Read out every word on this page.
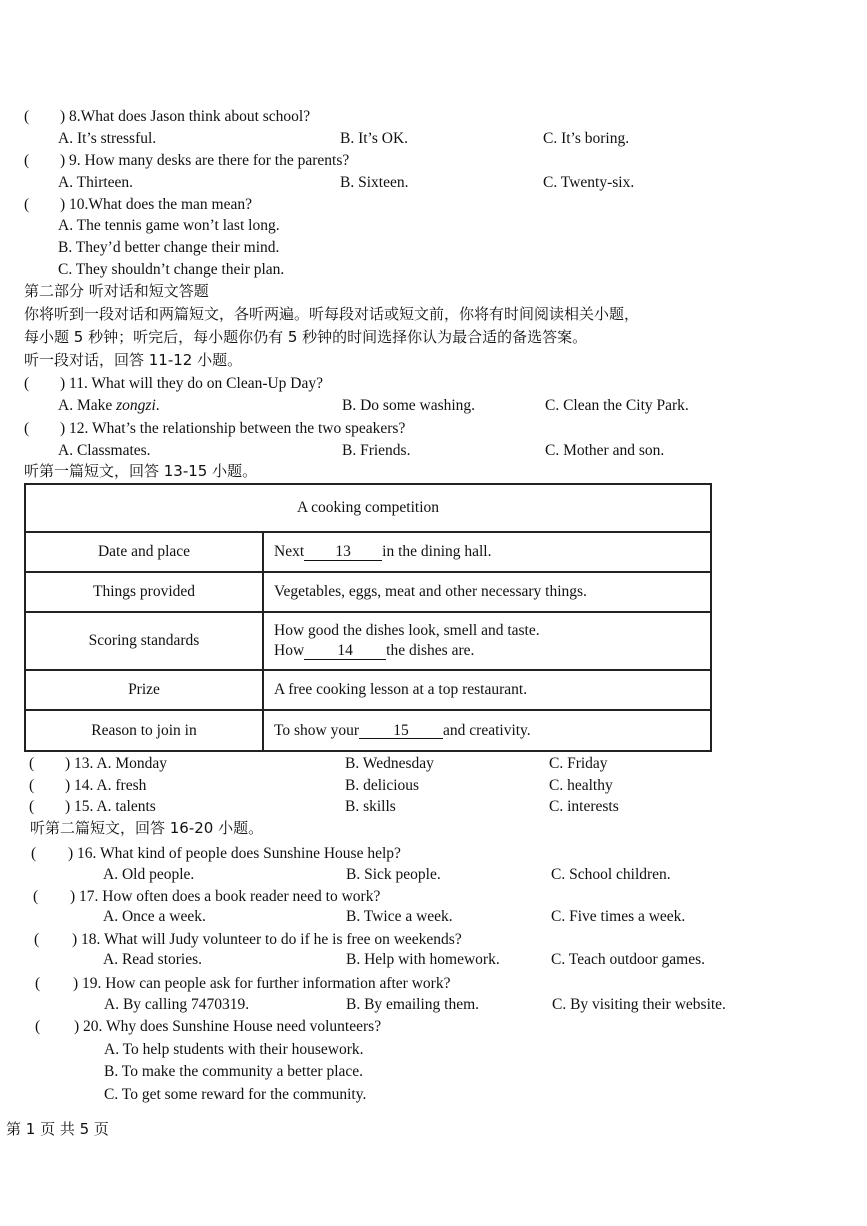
( ) 8.What does Jason think about school?
A. It’s stressful.	B. It’s OK.	C. It’s boring.
( ) 9. How many desks are there for the parents?
A. Thirteen.	B. Sixteen.	C. Twenty-six.
( ) 10.What does the man mean?
A. The tennis game won’t last long.
B. They’d better change their mind.
C. They shouldn’t change their plan.
第二部分 听对话和短文答题
你将听到一段对话和两篇短文，各听两遍。听每段对话或短文前，你将有时间阅读相关小题，
每小题 5 秒钟；听完后，每小题你仍有 5 秒钟的时间选择你认为最合适的备选答案。
听一段对话，回答 11-12 小题。
( ) 11. What will they do on Clean-Up Day?
A. Make zongzi.	B. Do some washing.	C. Clean the City Park.
( ) 12. What’s the relationship between the two speakers?
A. Classmates.	B. Friends.	C. Mother and son.
听第一篇短文，回答 13-15 小题。
A cooking competition	
Date and place	Next 13 in the dining hall.
Things provided	Vegetables, eggs, meat and other necessary things.
Scoring standards	How good the dishes look, smell and taste.
How 14 the dishes are.

Prize	A free cooking lesson at a top restaurant.
Reason to join in	To show your 15 and creativity.
( ) 13. A. Monday	B. Wednesday	C. Friday
( ) 14. A. fresh	B. delicious	C. healthy
( ) 15. A. talents	B. skills	C. interests
听第二篇短文，回答 16-20 小题。
( ) 16. What kind of people does Sunshine House help?
A. Old people.	B. Sick people.	C. School children.
( ) 17. How often does a book reader need to work?
A. Once a week.	B. Twice a week.	C. Five times a week.
( ) 18. What will Judy volunteer to do if he is free on weekends?
A. Read stories.	B. Help with homework.	C. Teach outdoor games.
( ) 19. How can people ask for further information after work?
A. By calling 7470319.	B. By emailing them.	C. By visiting their website.
( ) 20. Why does Sunshine House need volunteers?
A. To help students with their housework.
B. To make the community a better place.
C. To get some reward for the community.
第 1 页 共 5 页
